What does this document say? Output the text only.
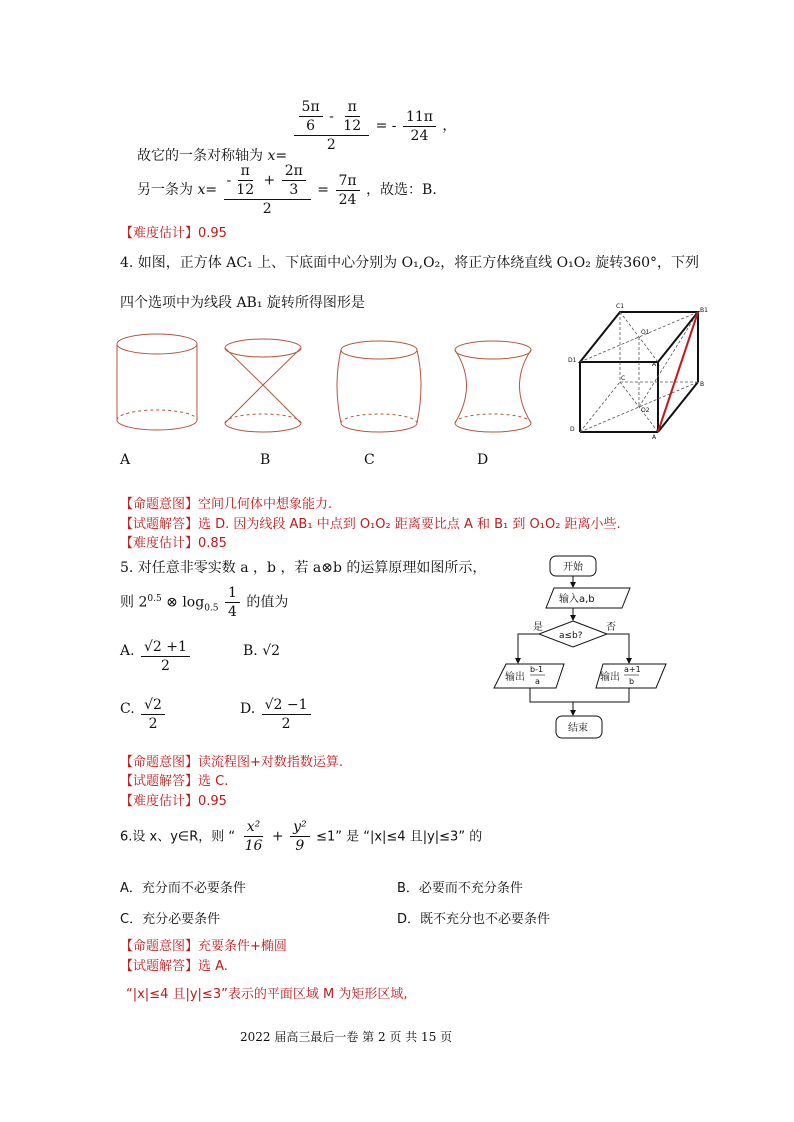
故它的一条对称轴为 x=
$\frac{\frac{5\pi}{6} - \frac{\pi}{12}}{2}$ = - $\frac{11\pi}{24}$ ，
另一条为 $x= \frac{- \frac{\pi}{12} + \frac{2\pi}{3}}{2} = \frac{7\pi}{24}$ ，故选：B.
【难度估计】0.95
4. 如图，正方体 AC₁ 上、下底面中心分别为 O₁,O₂，将正方体绕直线 O₁O₂ 旋转360°，下列
四个选项中为线段 AB₁ 旋转所得图形是
A	B	C	D
C1
B1
O1
D1
A1
C
B
O2
D
A
【命题意图】空间几何体中想象能力.
【试题解答】选 D. 因为线段 AB₁ 中点到 O₁O₂ 距离要比点 A 和 B₁ 到 O₁O₂ 距离小些.
【难度估计】0.85
5. 对任意非零实数 a ，b ，若 a⊗b 的运算原理如图所示，
则 $2^{0.5}$ ⊗ $\log_{0.5} \frac{1}{4}$ 的值为
A. $\frac{√2 +1}{2}$	B. √2
C. $\frac{√2}{2}$	D. $\frac{√2 -1}{2}$
开始
输入a,b
a≤b?
是	否
输出
b-1
a	输出
a+1
b
结束
【命题意图】读流程图+对数指数运算.
【试题解答】选 C.
【难度估计】0.95
6.设 x、y∈R，则 “ $\frac{\text{x²}}{16} + \frac{\text{y²}}{9} \le 1$” 是 “|x|≤4 且|y|≤3” 的
A．充分而不必要条件	B．必要而不充分条件
C．充分必要条件	D．既不充分也不必要条件
【命题意图】充要条件+椭圆
【试题解答】选 A.
“|x|≤4 且|y|≤3”表示的平面区域 M 为矩形区域,
2022 届高三最后一卷 第 2 页 共 15 页
